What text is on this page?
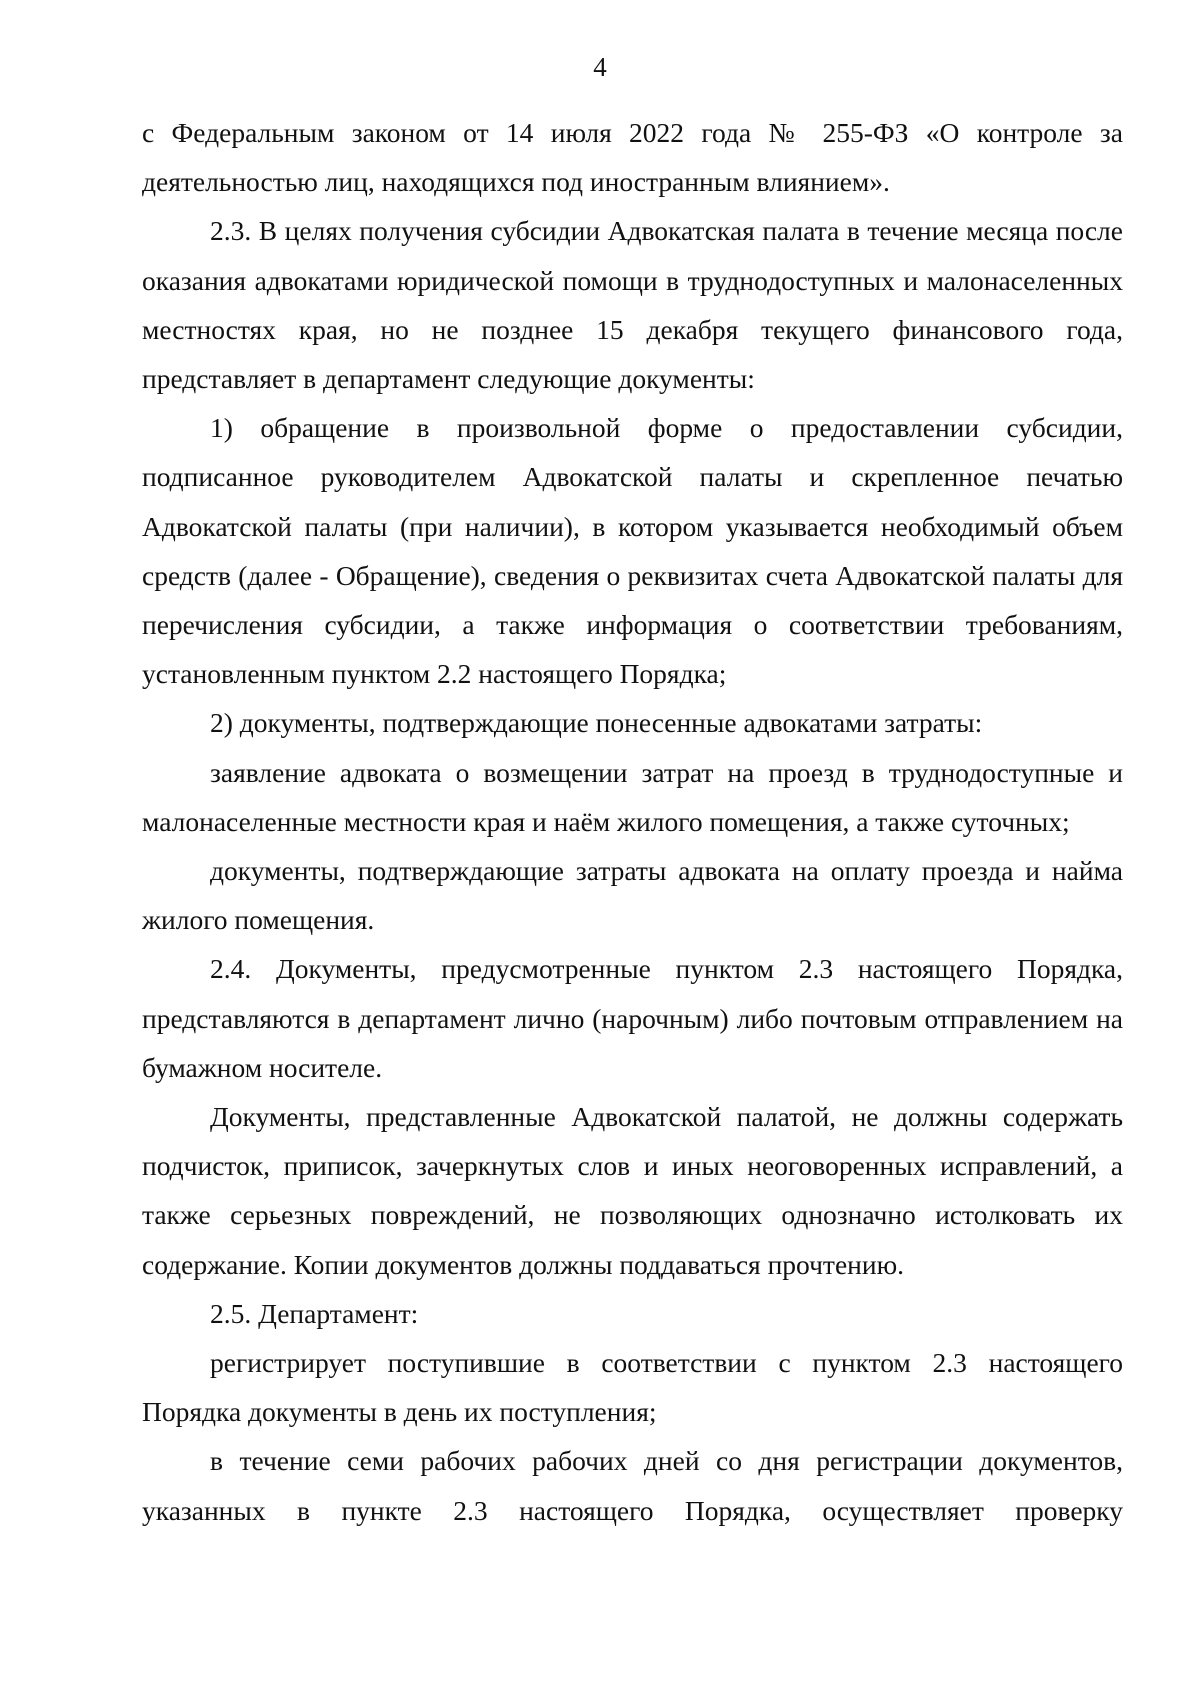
4

с Федеральным законом от 14 июля 2022 года № 255-ФЗ «О контроле за деятельностью лиц, находящихся под иностранным влиянием».

2.3. В целях получения субсидии Адвокатская палата в течение месяца после оказания адвокатами юридической помощи в труднодоступных и малонаселенных местностях края, но не позднее 15 декабря текущего финансового года, представляет в департамент следующие документы:

1) обращение в произвольной форме о предоставлении субсидии, подписанное руководителем Адвокатской палаты и скрепленное печатью Адвокатской палаты (при наличии), в котором указывается необходимый объем средств (далее - Обращение), сведения о реквизитах счета Адвокатской палаты для перечисления субсидии, а также информация о соответствии требованиям, установленным пунктом 2.2 настоящего Порядка;

2) документы, подтверждающие понесенные адвокатами затраты:

заявление адвоката о возмещении затрат на проезд в труднодоступные и малонаселенные местности края и наём жилого помещения, а также суточных;

документы, подтверждающие затраты адвоката на оплату проезда и найма жилого помещения.

2.4. Документы, предусмотренные пунктом 2.3 настоящего Порядка, представляются в департамент лично (нарочным) либо почтовым отправлением на бумажном носителе.

Документы, представленные Адвокатской палатой, не должны содержать подчисток, приписок, зачеркнутых слов и иных неоговоренных исправлений, а также серьезных повреждений, не позволяющих однозначно истолковать их содержание. Копии документов должны поддаваться прочтению.

2.5. Департамент:

регистрирует поступившие в соответствии с пунктом 2.3 настоящего Порядка документы в день их поступления;

в течение семи рабочих рабочих дней со дня регистрации документов, указанных в пункте 2.3 настоящего Порядка, осуществляет проверку
